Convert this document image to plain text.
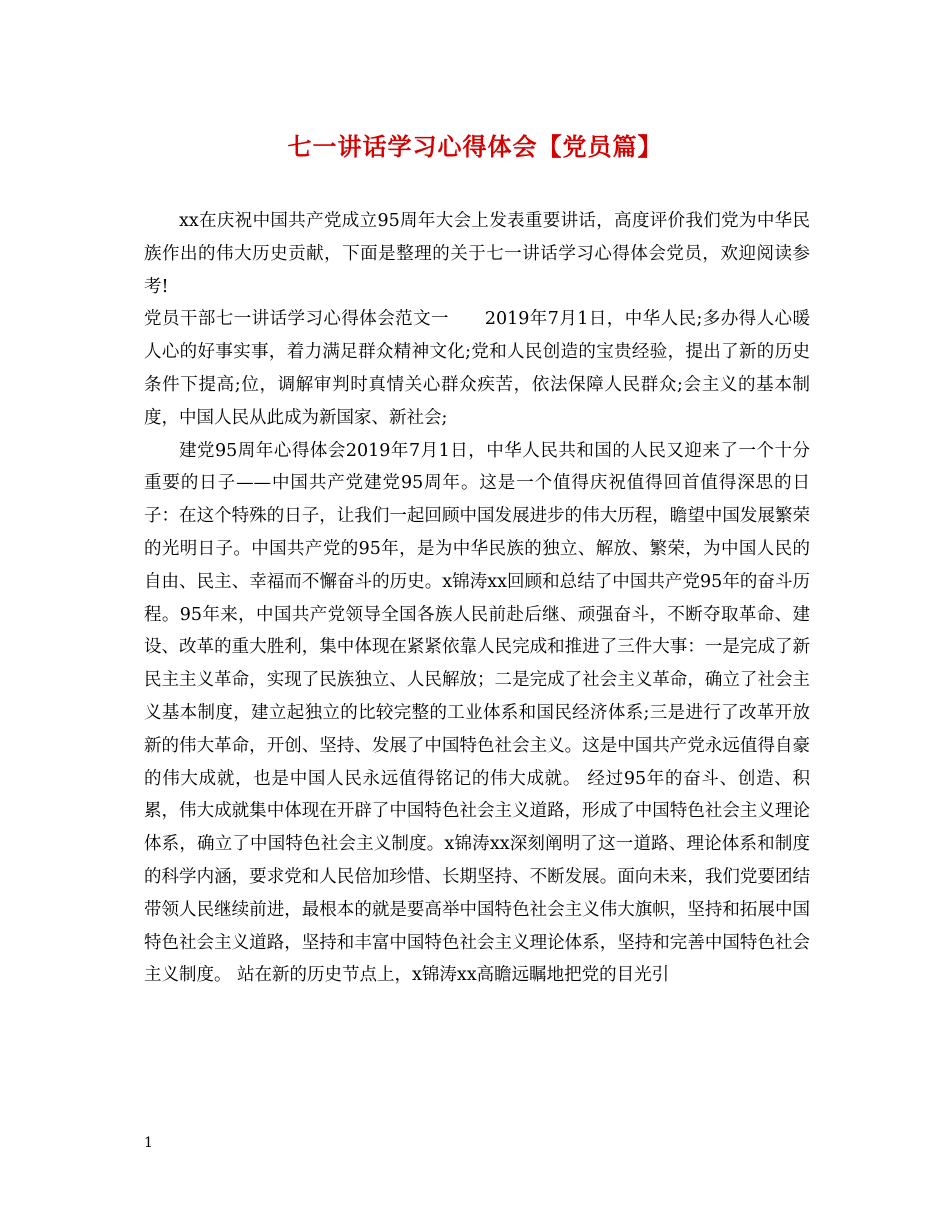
七一讲话学习心得体会【党员篇】

xx在庆祝中国共产党成立95周年大会上发表重要讲话，高度评价我们党为中华民族作出的伟大历史贡献，下面是整理的关于七一讲话学习心得体会党员，欢迎阅读参考!

党员干部七一讲话学习心得体会范文一　　2019年7月1日，中华人民;多办得人心暖人心的好事实事，着力满足群众精神文化;党和人民创造的宝贵经验，提出了新的历史条件下提高;位，调解审判时真情关心群众疾苦，依法保障人民群众;会主义的基本制度，中国人民从此成为新国家、新社会;

建党95周年心得体会2019年7月1日，中华人民共和国的人民又迎来了一个十分重要的日子——中国共产党建党95周年。这是一个值得庆祝值得回首值得深思的日子：在这个特殊的日子，让我们一起回顾中国发展进步的伟大历程，瞻望中国发展繁荣的光明日子。中国共产党的95年，是为中华民族的独立、解放、繁荣，为中国人民的自由、民主、幸福而不懈奋斗的历史。x锦涛xx回顾和总结了中国共产党95年的奋斗历程。95年来，中国共产党领导全国各族人民前赴后继、顽强奋斗，不断夺取革命、建设、改革的重大胜利，集中体现在紧紧依靠人民完成和推进了三件大事：一是完成了新民主主义革命，实现了民族独立、人民解放；二是完成了社会主义革命，确立了社会主义基本制度，建立起独立的比较完整的工业体系和国民经济体系;三是进行了改革开放新的伟大革命，开创、坚持、发展了中国特色社会主义。这是中国共产党永远值得自豪的伟大成就，也是中国人民永远值得铭记的伟大成就。 经过95年的奋斗、创造、积累，伟大成就集中体现在开辟了中国特色社会主义道路，形成了中国特色社会主义理论体系，确立了中国特色社会主义制度。x锦涛xx深刻阐明了这一道路、理论体系和制度的科学内涵，要求党和人民倍加珍惜、长期坚持、不断发展。面向未来，我们党要团结带领人民继续前进，最根本的就是要高举中国特色社会主义伟大旗帜，坚持和拓展中国特色社会主义道路，坚持和丰富中国特色社会主义理论体系，坚持和完善中国特色社会主义制度。 站在新的历史节点上，x锦涛xx高瞻远瞩地把党的目光引

1
